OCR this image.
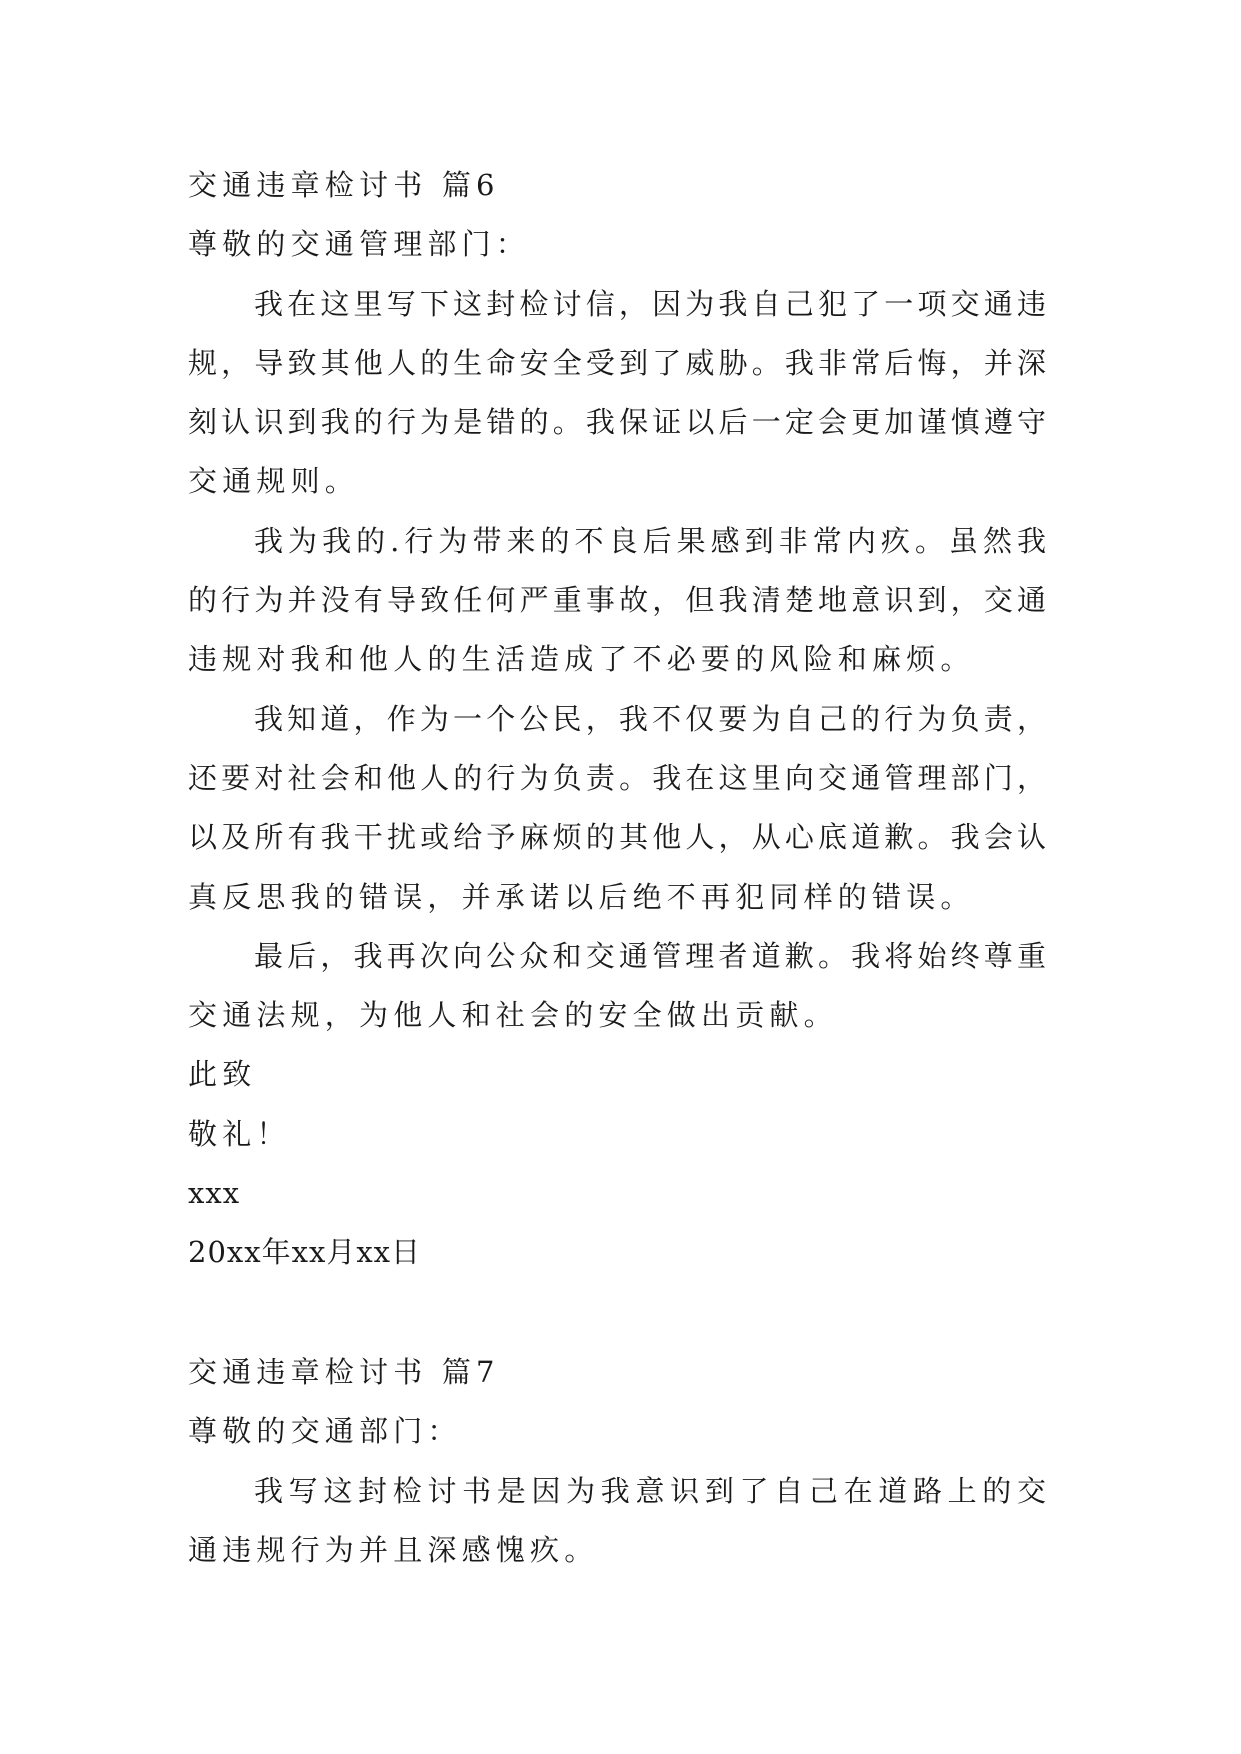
交通违章检讨书 篇6
尊敬的交通管理部门：
我在这里写下这封检讨信，因为我自己犯了一项交通违
规，导致其他人的生命安全受到了威胁。我非常后悔，并深
刻认识到我的行为是错的。我保证以后一定会更加谨慎遵守
交通规则。
我为我的.行为带来的不良后果感到非常内疚。虽然我
的行为并没有导致任何严重事故，但我清楚地意识到，交通
违规对我和他人的生活造成了不必要的风险和麻烦。
我知道，作为一个公民，我不仅要为自己的行为负责，
还要对社会和他人的行为负责。我在这里向交通管理部门，
以及所有我干扰或给予麻烦的其他人，从心底道歉。我会认
真反思我的错误，并承诺以后绝不再犯同样的错误。
最后，我再次向公众和交通管理者道歉。我将始终尊重
交通法规，为他人和社会的安全做出贡献。
此致
敬礼！
xxx
20xx年xx月xx日
交通违章检讨书 篇7
尊敬的交通部门：
我写这封检讨书是因为我意识到了自己在道路上的交
通违规行为并且深感愧疚。
